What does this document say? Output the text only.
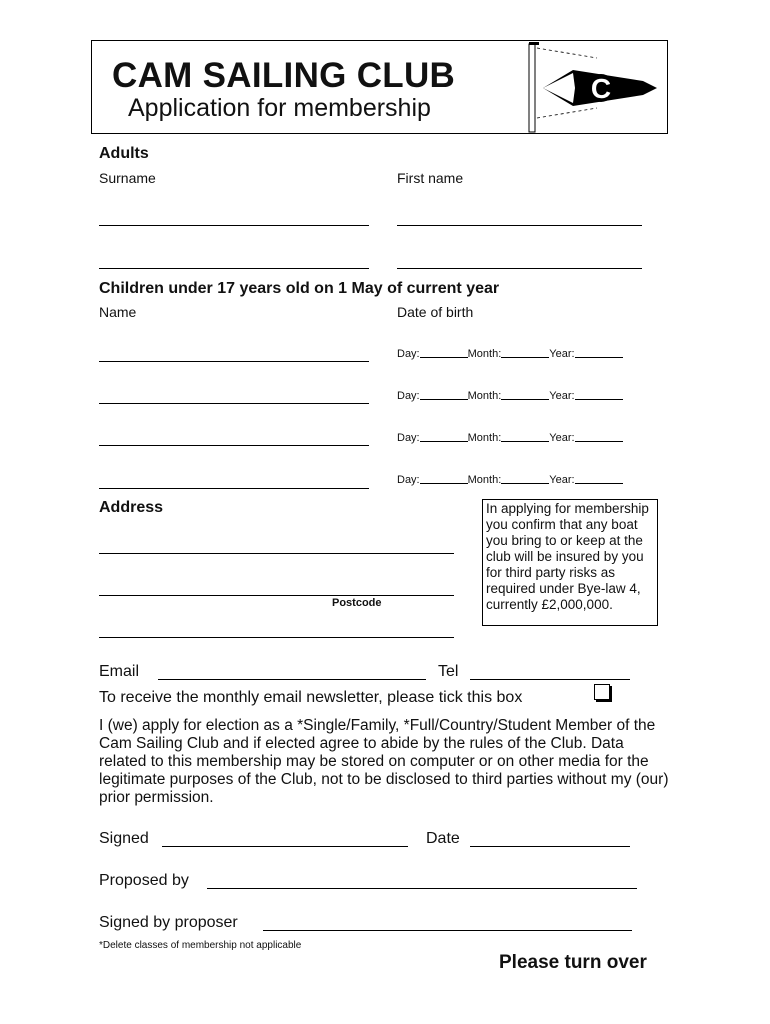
CAM SAILING CLUB
Application for membership
C
Adults
Surname	First name
Children under 17 years old on 1 May of current year
Name	Date of birth
Day:	Month:	Year:
Day:	Month:	Year:
Day:	Month:	Year:
Day:	Month:	Year:
Address
Postcode
In applying for membership you confirm that any boat you bring to or keep at the club will be insured by you for third party risks as required under Bye-law 4, currently £2,000,000.
Email	Tel
To receive the monthly email newsletter, please tick this box
I (we) apply for election as a *Single/Family, *Full/Country/Student Member of the Cam Sailing Club and if elected agree to abide by the rules of the Club. Data related to this membership may be stored on computer or on other media for the legitimate purposes of the Club, not to be disclosed to third parties without my (our) prior permission.
Signed	Date
Proposed by
Signed by proposer
*Delete classes of membership not applicable
Please turn over
